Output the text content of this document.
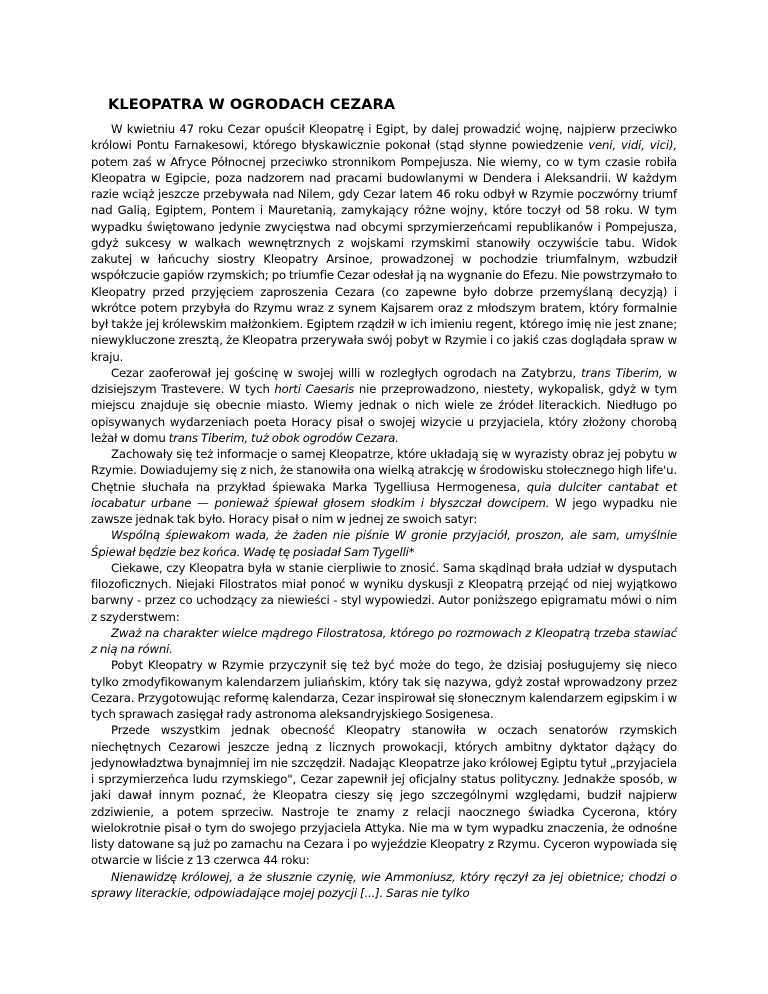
KLEOPATRA W OGRODACH CEZARA

W kwietniu 47 roku Cezar opuścił Kleopatrę i Egipt, by dalej prowadzić wojnę, najpierw przeciwko królowi Pontu Farnakesowi, którego błyskawicznie pokonał (stąd słynne powiedzenie veni, vidi, vici), potem zaś w Afryce Północnej przeciwko stronnikom Pompejusza. Nie wiemy, co w tym czasie robiła Kleopatra w Egipcie, poza nadzorem nad pracami budowlanymi w Dendera i Aleksandrii. W każdym razie wciąż jeszcze przebywała nad Nilem, gdy Cezar latem 46 roku odbył w Rzymie poczwórny triumf nad Galią, Egiptem, Pontem i Mauretanią, zamykający różne wojny, które toczył od 58 roku. W tym wypadku świętowano jedynie zwycięstwa nad obcymi sprzymierzeńcami republikanów i Pompejusza, gdyż sukcesy w walkach wewnętrznych z wojskami rzymskimi stanowiły oczywiście tabu. Widok zakutej w łańcuchy siostry Kleopatry Arsinoe, prowadzonej w pochodzie triumfalnym, wzbudził współczucie gapiów rzymskich; po triumfie Cezar odesłał ją na wygnanie do Efezu. Nie powstrzymało to Kleopatry przed przyjęciem zaproszenia Cezara (co zapewne było dobrze przemyślaną decyzją) i wkrótce potem przybyła do Rzymu wraz z synem Kajsarem oraz z młodszym bratem, który formalnie był także jej królewskim małżonkiem. Egiptem rządził w ich imieniu regent, którego imię nie jest znane; niewykluczone zresztą, że Kleopatra przerywała swój pobyt w Rzymie i co jakiś czas doglądała spraw w kraju.

Cezar zaoferował jej gościnę w swojej willi w rozległych ogrodach na Zatybrzu, trans Tiberim, w dzisiejszym Trastevere. W tych horti Caesaris nie przeprowadzono, niestety, wykopalisk, gdyż w tym miejscu znajduje się obecnie miasto. Wiemy jednak o nich wiele ze źródeł literackich. Niedługo po opisywanych wydarzeniach poeta Horacy pisał o swojej wizycie u przyjaciela, który złożony chorobą leżał w domu trans Tiberim, tuż obok ogrodów Cezara.

Zachowały się też informacje o samej Kleopatrze, które układają się w wyrazisty obraz jej pobytu w Rzymie. Dowiadujemy się z nich, że stanowiła ona wielką atrakcję w środowisku stołecznego high life'u. Chętnie słuchała na przykład śpiewaka Marka Tygelliusa Hermogenesa, quia dulciter cantabat et iocabatur urbane — ponieważ śpiewał głosem słodkim i błyszczał dowcipem. W jego wypadku nie zawsze jednak tak było. Horacy pisał o nim w jednej ze swoich satyr:

Wspólną śpiewakom wada, że żaden nie piśnie W gronie przyjaciół, proszon, ale sam, umyślnie Śpiewał będzie bez końca. Wadę tę posiadał Sam Tygelli*

Ciekawe, czy Kleopatra była w stanie cierpliwie to znosić. Sama skądinąd brała udział w dysputach filozoficznych. Niejaki Filostratos miał ponoć w wyniku dyskusji z Kleopatrą przejąć od niej wyjątkowo barwny - przez co uchodzący za niewieści - styl wypowiedzi. Autor poniższego epigramatu mówi o nim z szyderstwem:

Zważ na charakter wielce mądrego Filostratosa, którego po rozmowach z Kleopatrą trzeba stawiać z nią na równi.

Pobyt Kleopatry w Rzymie przyczynił się też być może do tego, że dzisiaj posługujemy się nieco tylko zmodyfikowanym kalendarzem juliańskim, który tak się nazywa, gdyż został wprowadzony przez Cezara. Przygotowując reformę kalendarza, Cezar inspirował się słonecznym kalendarzem egipskim i w tych sprawach zasięgał rady astronoma aleksandryjskiego Sosigenesa.

Przede wszystkim jednak obecność Kleopatry stanowiła w oczach senatorów rzymskich niechętnych Cezarowi jeszcze jedną z licznych prowokacji, których ambitny dyktator dążący do jedynowładztwa bynajmniej im nie szczędził. Nadając Kleopatrze jako królowej Egiptu tytuł „przyjaciela i sprzymierzeńca ludu rzymskiego", Cezar zapewnił jej oficjalny status polityczny. Jednakże sposób, w jaki dawał innym poznać, że Kleopatra cieszy się jego szczególnymi względami, budził najpierw zdziwienie, a potem sprzeciw. Nastroje te znamy z relacji naocznego świadka Cycerona, który wielokrotnie pisał o tym do swojego przyjaciela Attyka. Nie ma w tym wypadku znaczenia, że odnośne listy datowane są już po zamachu na Cezara i po wyjeździe Kleopatry z Rzymu. Cyceron wypowiada się otwarcie w liście z 13 czerwca 44 roku:

Nienawidzę królowej, a że słusznie czynię, wie Ammoniusz, który ręczył za jej obietnice; chodzi o sprawy literackie, odpowiadające mojej pozycji [...]. Saras nie tylko
